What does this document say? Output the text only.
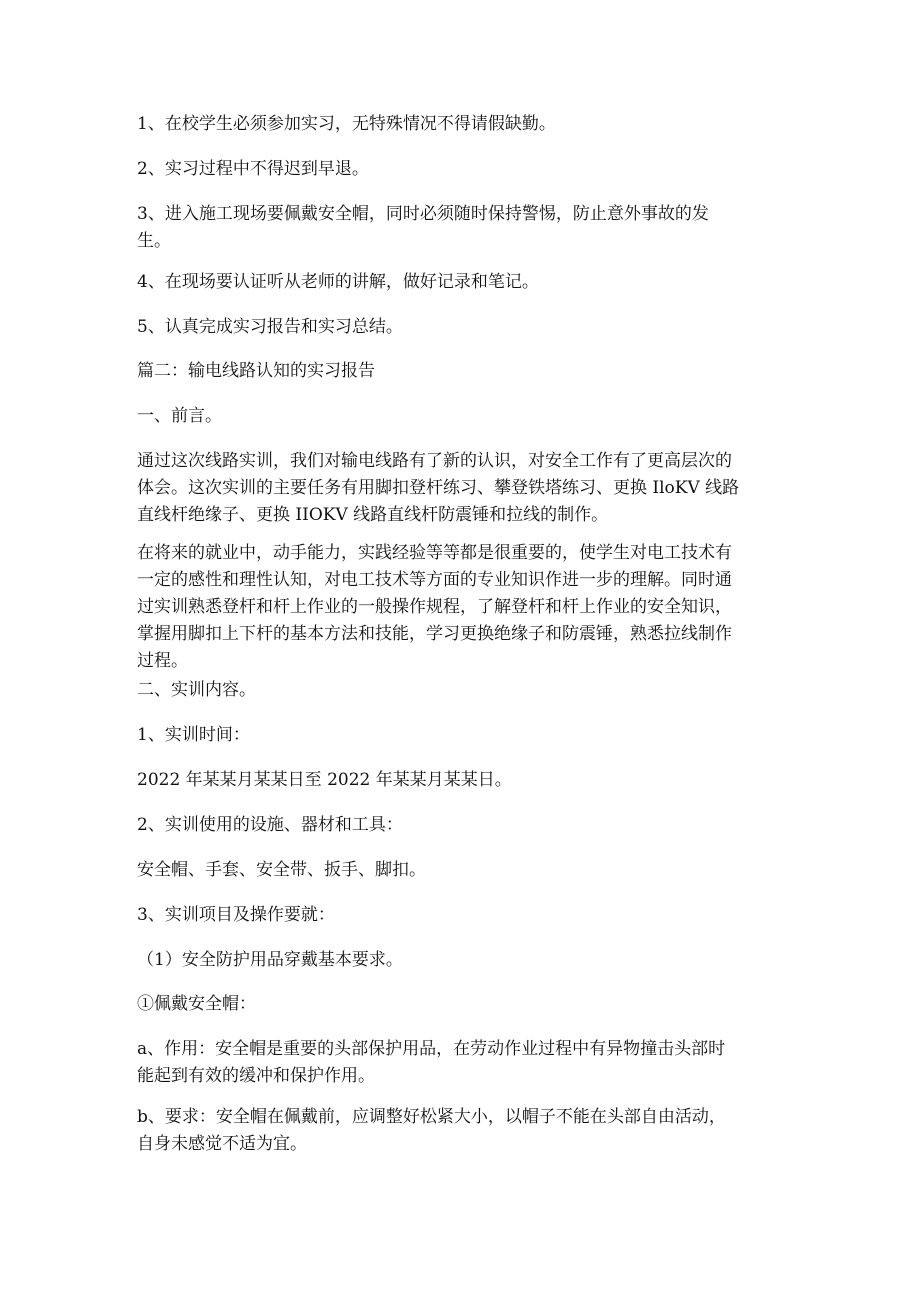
1、在校学生必须参加实习，无特殊情况不得请假缺勤。

2、实习过程中不得迟到早退。

3、进入施工现场要佩戴安全帽，同时必须随时保持警惕，防止意外事故的发
生。

4、在现场要认证听从老师的讲解，做好记录和笔记。

5、认真完成实习报告和实习总结。

篇二：输电线路认知的实习报告

一、前言。

通过这次线路实训，我们对输电线路有了新的认识，对安全工作有了更高层次的
体会。这次实训的主要任务有用脚扣登杆练习、攀登铁塔练习、更换 IloKV 线路
直线杆绝缘子、更换 IIOKV 线路直线杆防震锤和拉线的制作。

在将来的就业中，动手能力，实践经验等等都是很重要的，使学生对电工技术有
一定的感性和理性认知，对电工技术等方面的专业知识作进一步的理解。同时通
过实训熟悉登杆和杆上作业的一般操作规程，了解登杆和杆上作业的安全知识，
掌握用脚扣上下杆的基本方法和技能，学习更换绝缘子和防震锤，熟悉拉线制作
过程。

二、实训内容。

1、实训时间：

2022 年某某月某某日至 2022 年某某月某某日。

2、实训使用的设施、器材和工具：

安全帽、手套、安全带、扳手、脚扣。

3、实训项目及操作要就：

（1）安全防护用品穿戴基本要求。

①佩戴安全帽：

a、作用：安全帽是重要的头部保护用品，在劳动作业过程中有异物撞击头部时
能起到有效的缓冲和保护作用。

b、要求：安全帽在佩戴前，应调整好松紧大小，以帽子不能在头部自由活动，
自身未感觉不适为宜。
